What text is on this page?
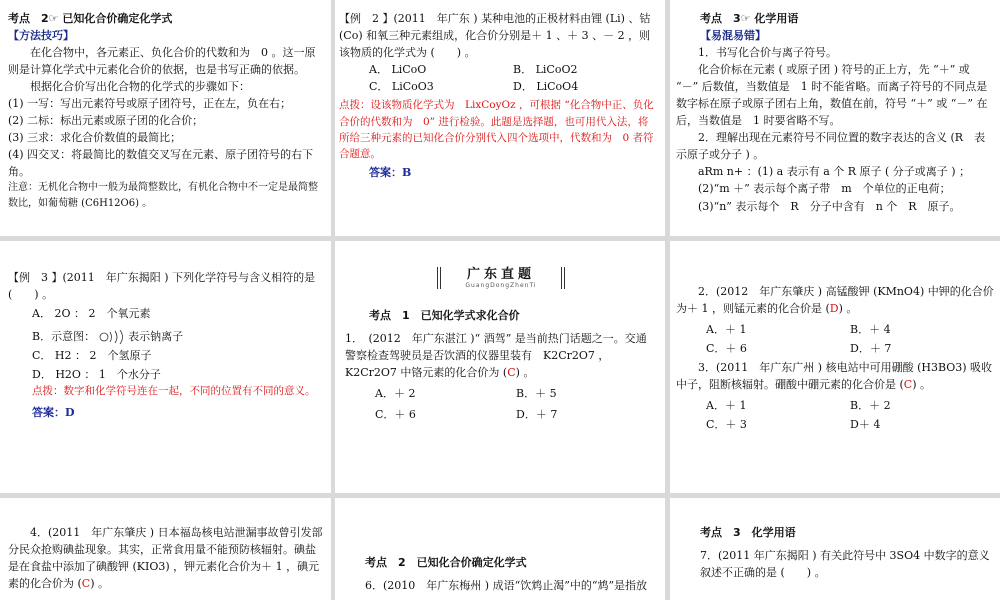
考点　2☞ 已知化合价确定化学式

【方法技巧】

在化合物中，各元素正、负化合价的代数和为　0 。这一原则是计算化学式中元素化合价的依据，也是书写正确的依据。

根据化合价写出化合物的化学式的步骤如下：

(1) 一写：写出元素符号或原子团符号，正在左，负在右；

(2) 二标：标出元素或原子团的化合价；

(3) 三求：求化合价数值的最简比；

(4) 四交叉：将最简比的数值交叉写在元素、原子团符号的右下角。

注意：无机化合物中一般为最简整数比，有机化合物中不一定是最简整数比，如葡萄糖 (C6H12O6) 。

【例　2 】(2011　年广东 ) 某种电池的正极材料由锂 (Li) 、钴 (Co) 和氧三种元素组成，化合价分别是＋ 1 、＋ 3 、－ 2 ，则该物质的化学式为 (　　) 。

A． LiCoO	B． LiCoO2
C． LiCoO3	D． LiCoO4

点拨：设该物质化学式为　LixCoyOz ，可根据 “化合物中正、负化合价的代数和为　0” 进行检验。此题是选择题，也可用代入法，将所给三种元素的已知化合价分别代入四个选项中，代数和为　0 者符合题意。

答案：B

考点　3☞ 化学用语

【易混易错】

1．书写化合价与离子符号。

化合价标在元素 ( 或原子团 ) 符号的正上方，先 “＋” 或 “－” 后数值，当数值是　1 时不能省略。而离子符号的不同点是数字标在原子或原子团右上角，数值在前，符号 “＋” 或 “－” 在后，当数值是　1 时要省略不写。

2．理解出现在元素符号不同位置的数字表达的含义 (R　表示原子或分子 ) 。

aRm n+ ：(1) a 表示有 a 个 R 原子 ( 分子或离子 ) ；

(2)“m ＋” 表示每个离子带　m　个单位的正电荷；

(3)“n” 表示每个　R　分子中含有　n 个　R　原子。

【例　3 】(2011　年广东揭阳 ) 下列化学符号与含义相符的是 (　　) 。

A． 2O ： 2　个氧元素

B．示意图：	表示钠离子

C． H2 ： 2　个氢原子

D． H2O ： 1　个水分子

点拨：数字和化学符号连在一起，不同的位置有不同的意义。

答案：D

广东直题
GuangDongZhenTi

考点　1　已知化学式求化合价

1．　(2012　年广东湛江 )“ 酒驾” 是当前热门话题之一。交通警察检查驾驶员是否饮酒的仪器里装有　K2Cr2O7 ， K2Cr2O7 中铬元素的化合价为 (C) 。

A．＋ 2	B．＋ 5
C．＋ 6	D．＋ 7

2．(2012　年广东肇庆 ) 高锰酸钾 (KMnO4) 中钾的化合价为＋ 1 ，则锰元素的化合价是 (D) 。

A．＋ 1	B．＋ 4
C．＋ 6	D．＋ 7

3．(2011　年广东广州 ) 核电站中可用硼酸 (H3BO3) 吸收中子，阻断核辐射。硼酸中硼元素的化合价是 (C) 。

A．＋ 1	B．＋ 2
C．＋ 3	D＋ 4

4．(2011　年广东肇庆 ) 日本福岛核电站泄漏事故曾引发部分民众抢购碘盐现象。其实，正常食用量不能预防核辐射。碘盐是在食盐中添加了碘酸钾 (KIO3) ，钾元素化合价为＋ 1 ，碘元素的化合价为 (C) 。

考点　2　已知化合价确定化学式

6．(2010　年广东梅州 ) 成语“饮鸩止渴”中的“鸩”是指放

考点　3　化学用语

7．(2011 年广东揭阳 ) 有关此符号中 3SO4 中数字的意义叙述不正确的是 (　　) 。
